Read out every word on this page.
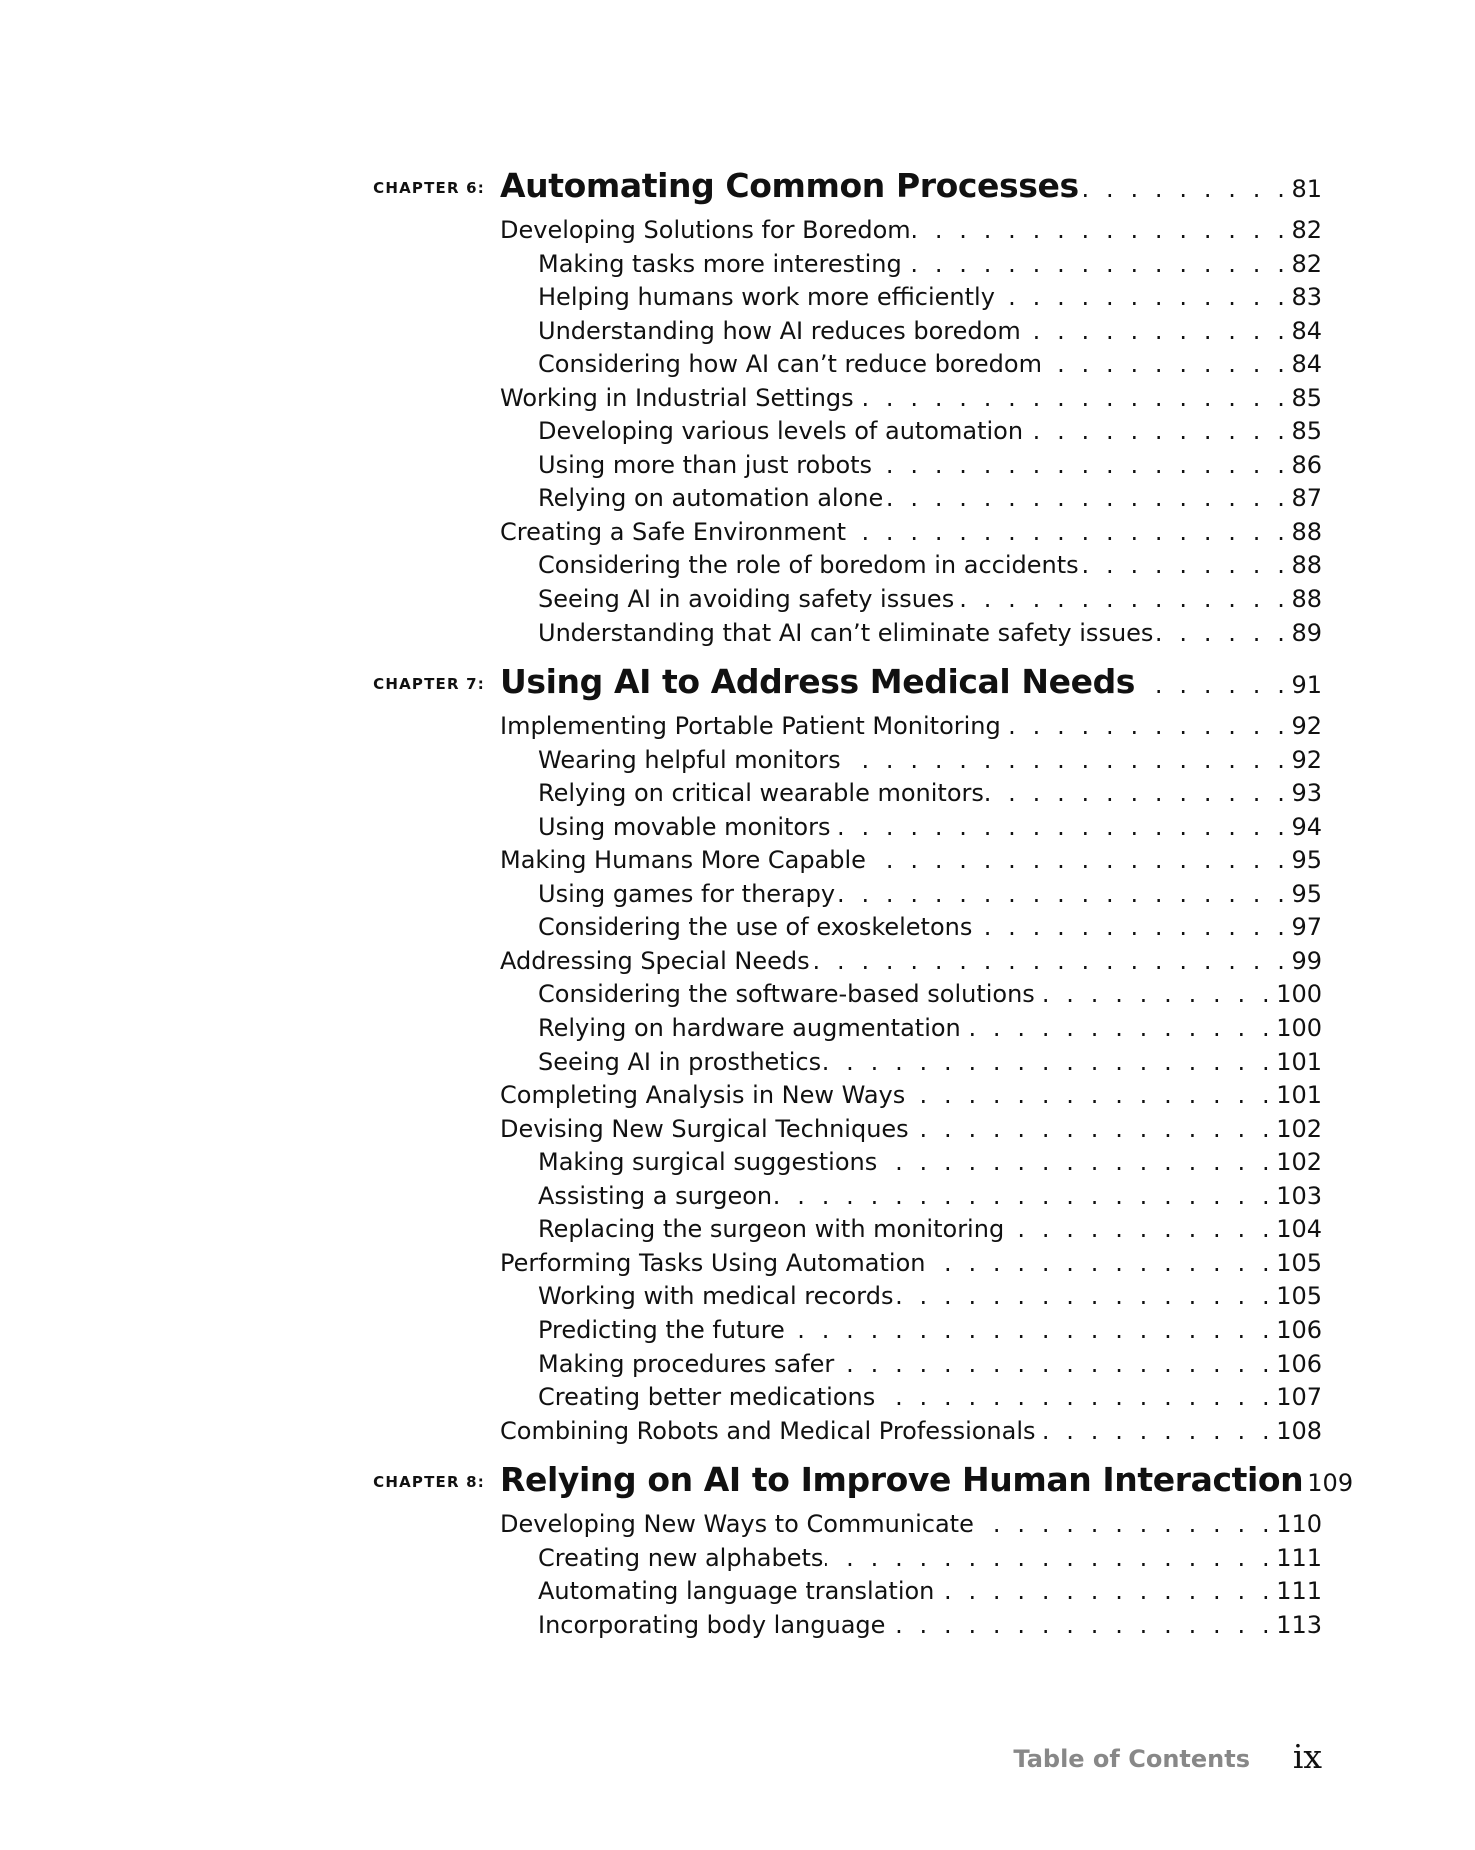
CHAPTER 6: Automating Common Processes . . .	81
Developing Solutions for Boredom . . .	82
Making tasks more interesting . . .	82
Helping humans work more efficiently . . .	83
Understanding how AI reduces boredom . . .	84
Considering how AI can’t reduce boredom . . .	84
Working in Industrial Settings . . .	85
Developing various levels of automation . . .	85
Using more than just robots . . .	86
Relying on automation alone . . .	87
Creating a Safe Environment . . .	88
Considering the role of boredom in accidents . . .	88
Seeing AI in avoiding safety issues . . .	88
Understanding that AI can’t eliminate safety issues . . .	89
CHAPTER 7: Using AI to Address Medical Needs . . .	91
Implementing Portable Patient Monitoring . . .	92
Wearing helpful monitors . . .	92
Relying on critical wearable monitors . . .	93
Using movable monitors . . .	94
Making Humans More Capable . . .	95
Using games for therapy . . .	95
Considering the use of exoskeletons . . .	97
Addressing Special Needs . . .	99
Considering the software-based solutions . . .	100
Relying on hardware augmentation . . .	100
Seeing AI in prosthetics . . .	101
Completing Analysis in New Ways . . .	101
Devising New Surgical Techniques . . .	102
Making surgical suggestions . . .	102
Assisting a surgeon . . .	103
Replacing the surgeon with monitoring . . .	104
Performing Tasks Using Automation . . .	105
Working with medical records . . .	105
Predicting the future . . .	106
Making procedures safer . . .	106
Creating better medications . . .	107
Combining Robots and Medical Professionals . . .	108
CHAPTER 8: Relying on AI to Improve Human Interaction 109
Developing New Ways to Communicate . . .	110
Creating new alphabets . . .	111
Automating language translation . . .	111
Incorporating body language . . .	113
Table of Contents ix
